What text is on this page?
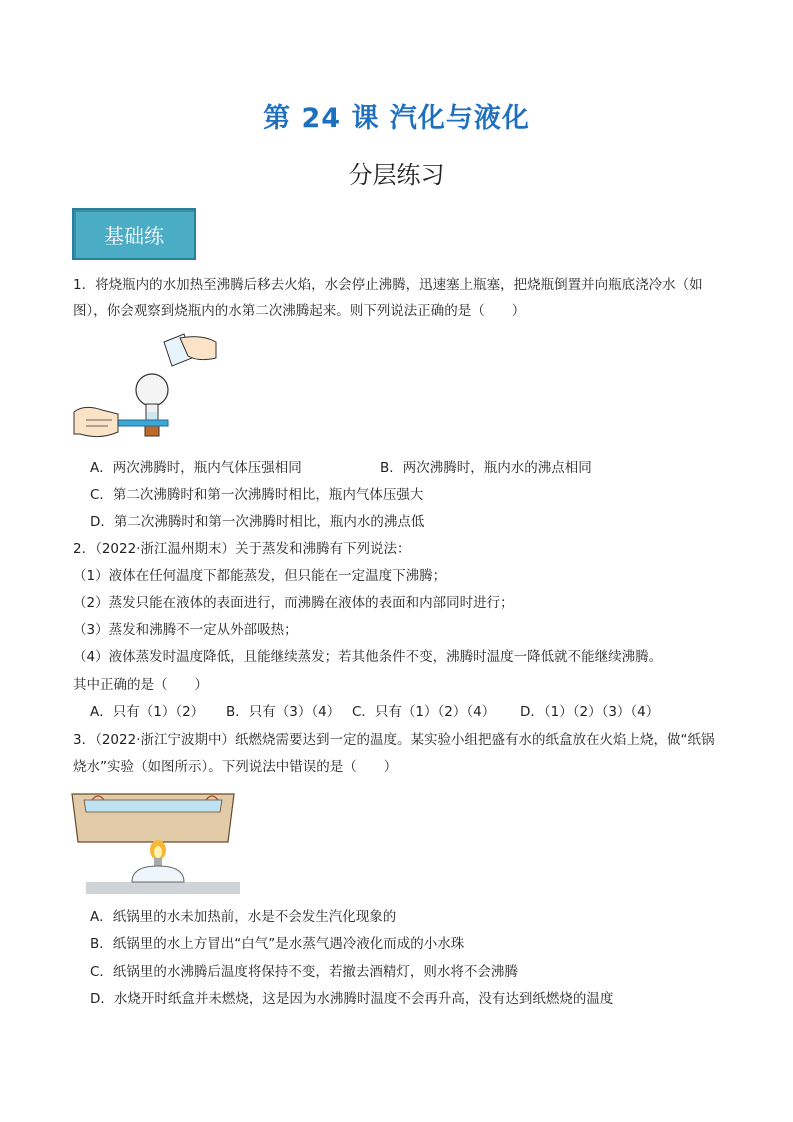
第 24 课 汽化与液化
分层练习
基础练
1．将烧瓶内的水加热至沸腾后移去火焰，水会停止沸腾，迅速塞上瓶塞，把烧瓶倒置并向瓶底浇冷水（如
图），你会观察到烧瓶内的水第二次沸腾起来。则下列说法正确的是（　　）
A．两次沸腾时，瓶内气体压强相同	B．两次沸腾时，瓶内水的沸点相同
C．第二次沸腾时和第一次沸腾时相比，瓶内气体压强大
D．第二次沸腾时和第一次沸腾时相比，瓶内水的沸点低
2．（2022·浙江温州期末）关于蒸发和沸腾有下列说法：
（1）液体在任何温度下都能蒸发，但只能在一定温度下沸腾；
（2）蒸发只能在液体的表面进行，而沸腾在液体的表面和内部同时进行；
（3）蒸发和沸腾不一定从外部吸热；
（4）液体蒸发时温度降低，且能继续蒸发；若其他条件不变，沸腾时温度一降低就不能继续沸腾。
其中正确的是（　　）
A．只有（1）（2） B．只有（3）（4） C．只有（1）（2）（4） D．（1）（2）（3）（4）
3．（2022·浙江宁波期中）纸燃烧需要达到一定的温度。某实验小组把盛有水的纸盒放在火焰上烧，做“纸锅
烧水”实验（如图所示）。下列说法中错误的是（　　）
A．纸锅里的水未加热前，水是不会发生汽化现象的
B．纸锅里的水上方冒出“白气”是水蒸气遇冷液化而成的小水珠
C．纸锅里的水沸腾后温度将保持不变，若撤去酒精灯，则水将不会沸腾
D．水烧开时纸盒并未燃烧，这是因为水沸腾时温度不会再升高，没有达到纸燃烧的温度
